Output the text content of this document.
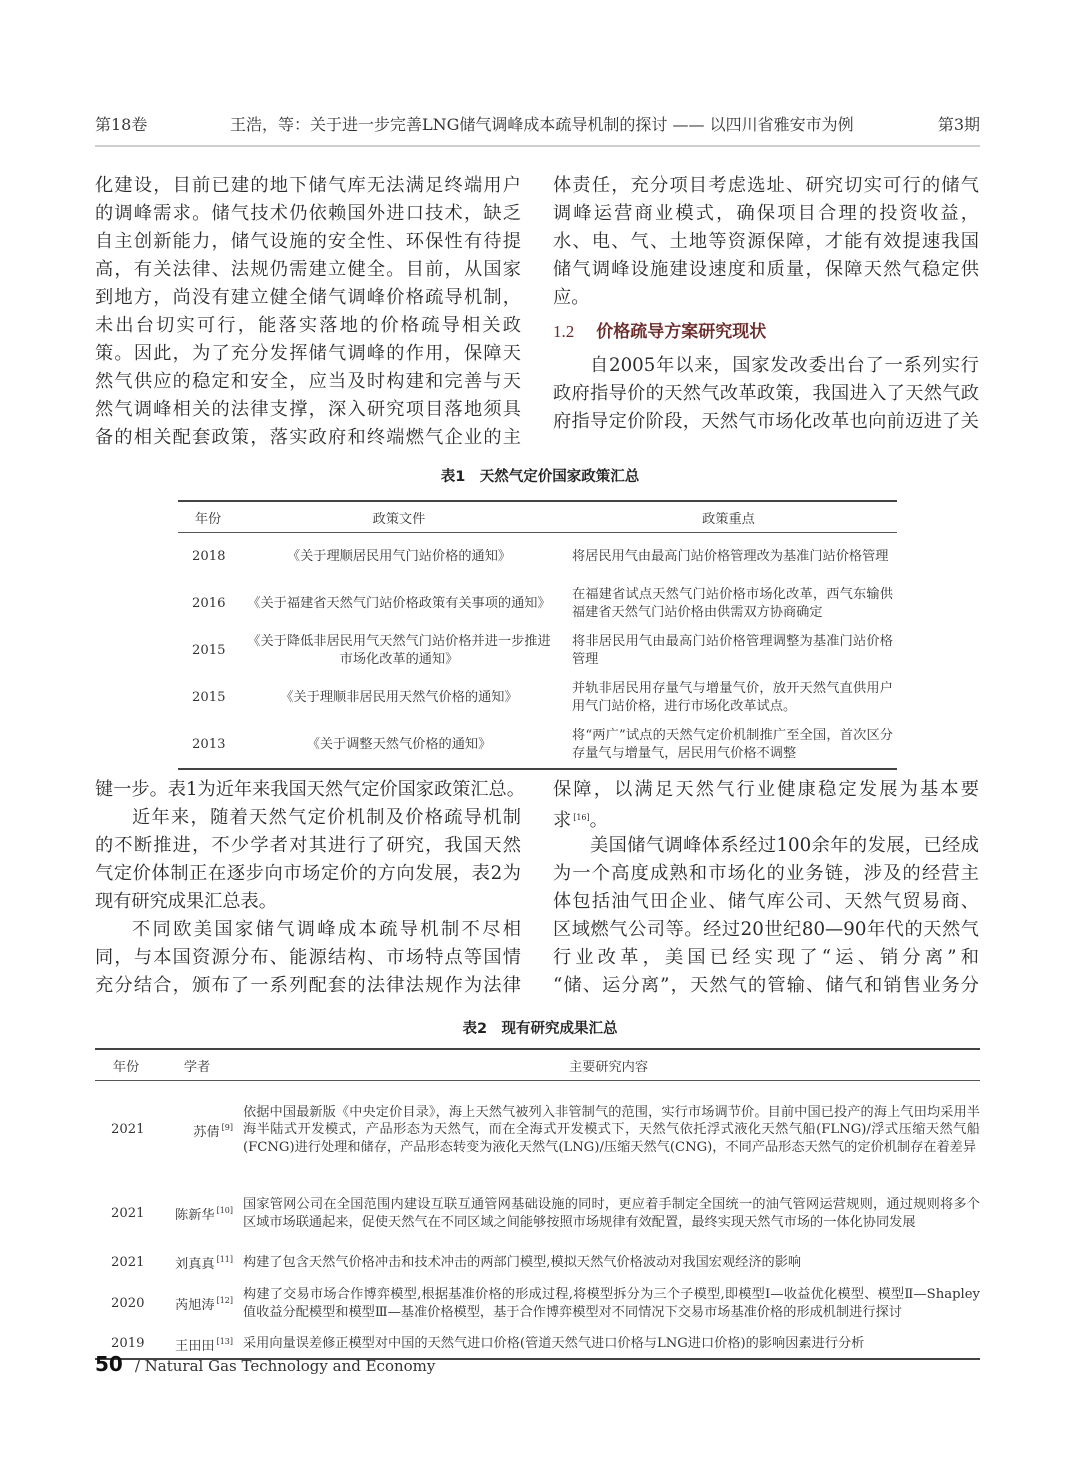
第18卷	王浩，等：关于进一步完善LNG储气调峰成本疏导机制的探讨 —— 以四川省雅安市为例	第3期
化建设，目前已建的地下储气库无法满足终端用户
的调峰需求。储气技术仍依赖国外进口技术，缺乏
自主创新能力，储气设施的安全性、环保性有待提
高，有关法律、法规仍需建立健全。目前，从国家
到地方，尚没有建立健全储气调峰价格疏导机制，
未出台切实可行，能落实落地的价格疏导相关政
策。因此，为了充分发挥储气调峰的作用，保障天
然气供应的稳定和安全，应当及时构建和完善与天
然气调峰相关的法律支撑，深入研究项目落地须具
备的相关配套政策，落实政府和终端燃气企业的主
体责任，充分项目考虑选址、研究切实可行的储气
调峰运营商业模式，确保项目合理的投资收益，
水、电、气、土地等资源保障，才能有效提速我国
储气调峰设施建设速度和质量，保障天然气稳定供
应。
1.2 价格疏导方案研究现状
自2005年以来，国家发改委出台了一系列实行
政府指导价的天然气改革政策，我国进入了天然气政
府指导定价阶段，天然气市场化改革也向前迈进了关
表1　天然气定价国家政策汇总
年份	政策文件	政策重点
2018	《关于理顺居民用气门站价格的通知》	将居民用气由最高门站价格管理改为基准门站价格管理
2016	《关于福建省天然气门站价格政策有关事项的通知》	在福建省试点天然气门站价格市场化改革，西气东输供福建省天然气门站价格由供需双方协商确定
2015	《关于降低非居民用气天然气门站价格并进一步推进市场化改革的通知》	将非居民用气由最高门站价格管理调整为基准门站价格管理
2015	《关于理顺非居民用天然气价格的通知》	并轨非居民用存量气与增量气价，放开天然气直供用户用气门站价格，进行市场化改革试点。
2013	《关于调整天然气价格的通知》	将“两广”试点的天然气定价机制推广至全国，首次区分存量气与增量气，居民用气价格不调整
键一步。表1为近年来我国天然气定价国家政策汇总。
近年来，随着天然气定价机制及价格疏导机制
的不断推进，不少学者对其进行了研究，我国天然
气定价体制正在逐步向市场定价的方向发展，表2为
现有研究成果汇总表。
不同欧美国家储气调峰成本疏导机制不尽相
同，与本国资源分布、能源结构、市场特点等国情
充分结合，颁布了一系列配套的法律法规作为法律
保障，以满足天然气行业健康稳定发展为基本要
求 [16]。
美国储气调峰体系经过100余年的发展，已经成
为一个高度成熟和市场化的业务链，涉及的经营主
体包括油气田企业、储气库公司、天然气贸易商、
区域燃气公司等。经过20世纪80—90年代的天然气
行业改革，美国已经实现了“运、销分离”和
“储、运分离”，天然气的管输、储气和销售业务分
表2　现有研究成果汇总
年份	学者	主要研究内容
2021	苏倩 [9]	依据中国最新版《中央定价目录》，海上天然气被列入非管制气的范围，实行市场调节价。目前中国已投产的海上气田均采用半海半陆式开发模式，产品形态为天然气，而在全海式开发模式下，天然气依托浮式液化天然气船(FLNG)/浮式压缩天然气船(FCNG)进行处理和储存，产品形态转变为液化天然气(LNG)/压缩天然气(CNG)，不同产品形态天然气的定价机制存在着差异
2021	陈新华 [10]	国家管网公司在全国范围内建设互联互通管网基础设施的同时，更应着手制定全国统一的油气管网运营规则，通过规则将多个区域市场联通起来，促使天然气在不同区域之间能够按照市场规律有效配置，最终实现天然气市场的一体化协同发展
2021	刘真真 [11]	构建了包含天然气价格冲击和技术冲击的两部门模型,模拟天然气价格波动对我国宏观经济的影响
2020	芮旭涛 [12]	构建了交易市场合作博弈模型,根据基准价格的形成过程,将模型拆分为三个子模型,即模型Ⅰ—收益优化模型、模型Ⅱ—Shapley值收益分配模型和模型Ⅲ—基准价格模型，基于合作博弈模型对不同情况下交易市场基准价格的形成机制进行探讨
2019	王田田 [13]	采用向量误差修正模型对中国的天然气进口价格(管道天然气进口价格与LNG进口价格)的影响因素进行分析
50 / Natural Gas Technology and Economy
